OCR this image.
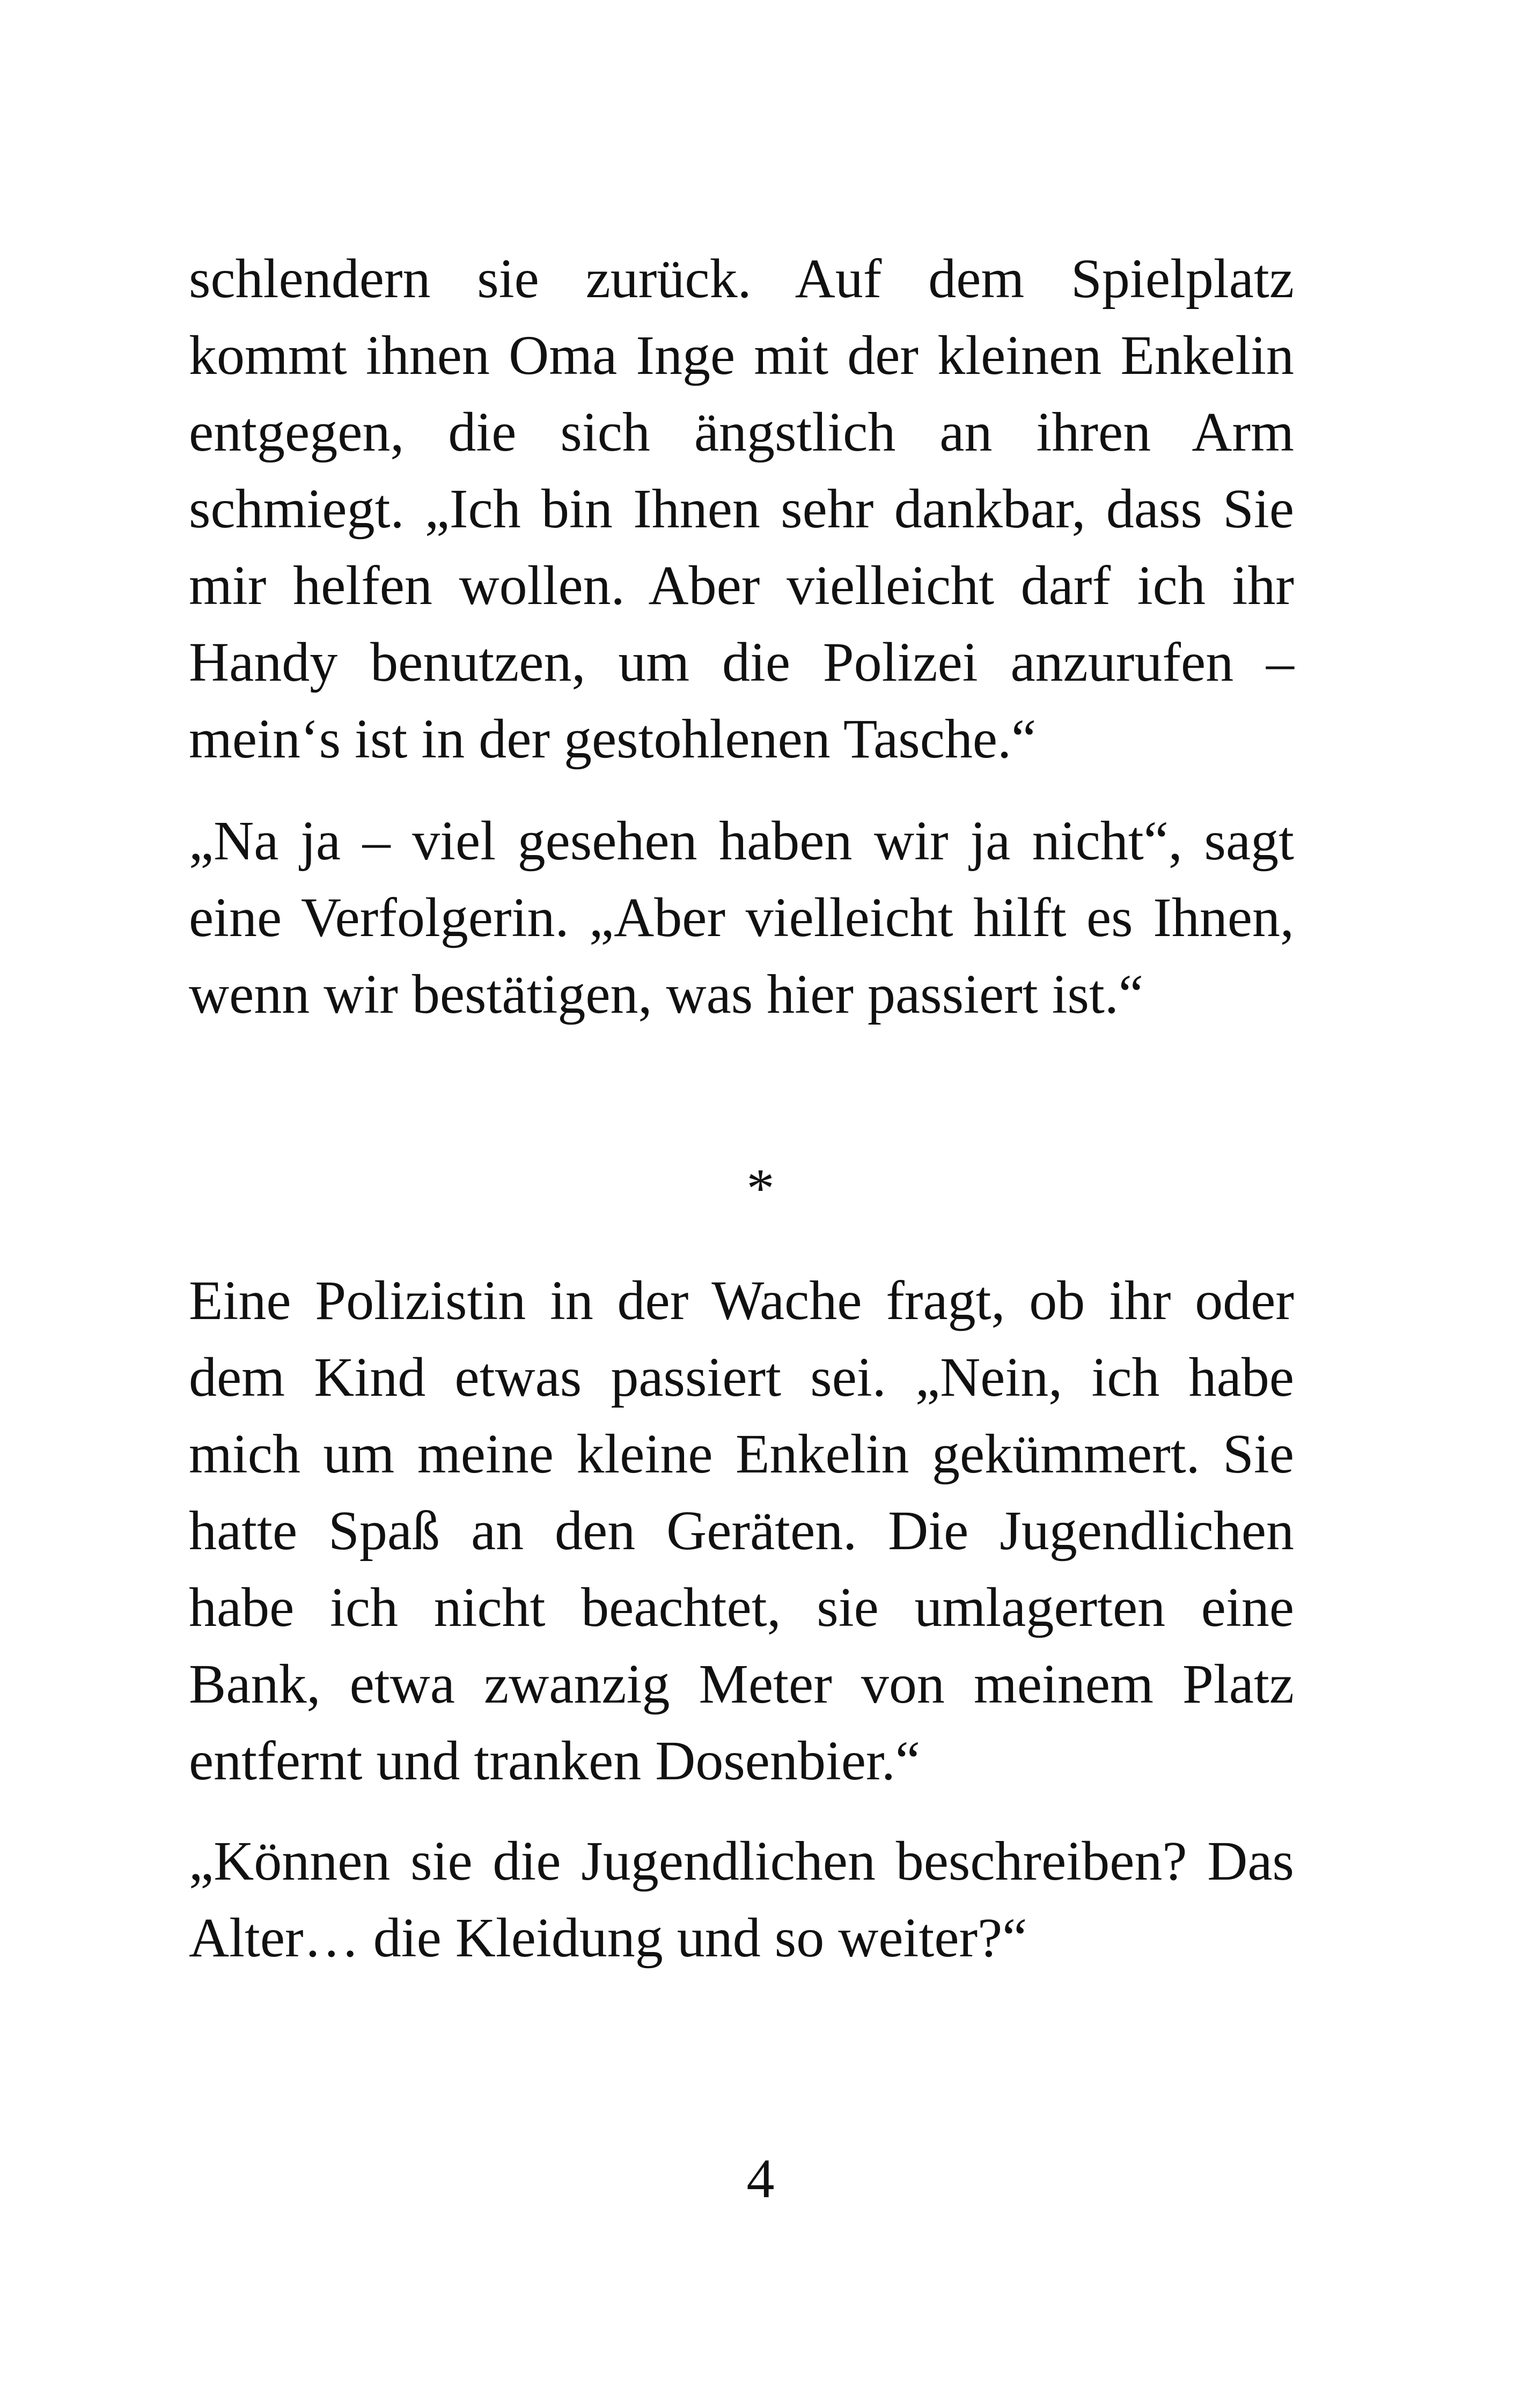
schlendern sie zurück. Auf dem Spielplatz kommt ihnen Oma Inge mit der kleinen Enkelin entgegen, die sich ängstlich an ihren Arm schmiegt. „Ich bin Ihnen sehr dankbar, dass Sie mir helfen wollen. Aber vielleicht darf ich ihr Handy benutzen, um die Polizei anzurufen – mein‘s ist in der gestohlenen Tasche.“

„Na ja – viel gesehen haben wir ja nicht“, sagt eine Verfolgerin. „Aber vielleicht hilft es Ihnen, wenn wir bestätigen, was hier passiert ist.“

*

Eine Polizistin in der Wache fragt, ob ihr oder dem Kind etwas passiert sei. „Nein, ich habe mich um meine kleine Enkelin gekümmert. Sie hatte Spaß an den Geräten. Die Jugendlichen habe ich nicht beachtet, sie umlagerten eine Bank, etwa zwanzig Meter von meinem Platz entfernt und tranken Dosenbier.“

„Können sie die Jugendlichen beschreiben? Das Alter… die Kleidung und so weiter?“

4
